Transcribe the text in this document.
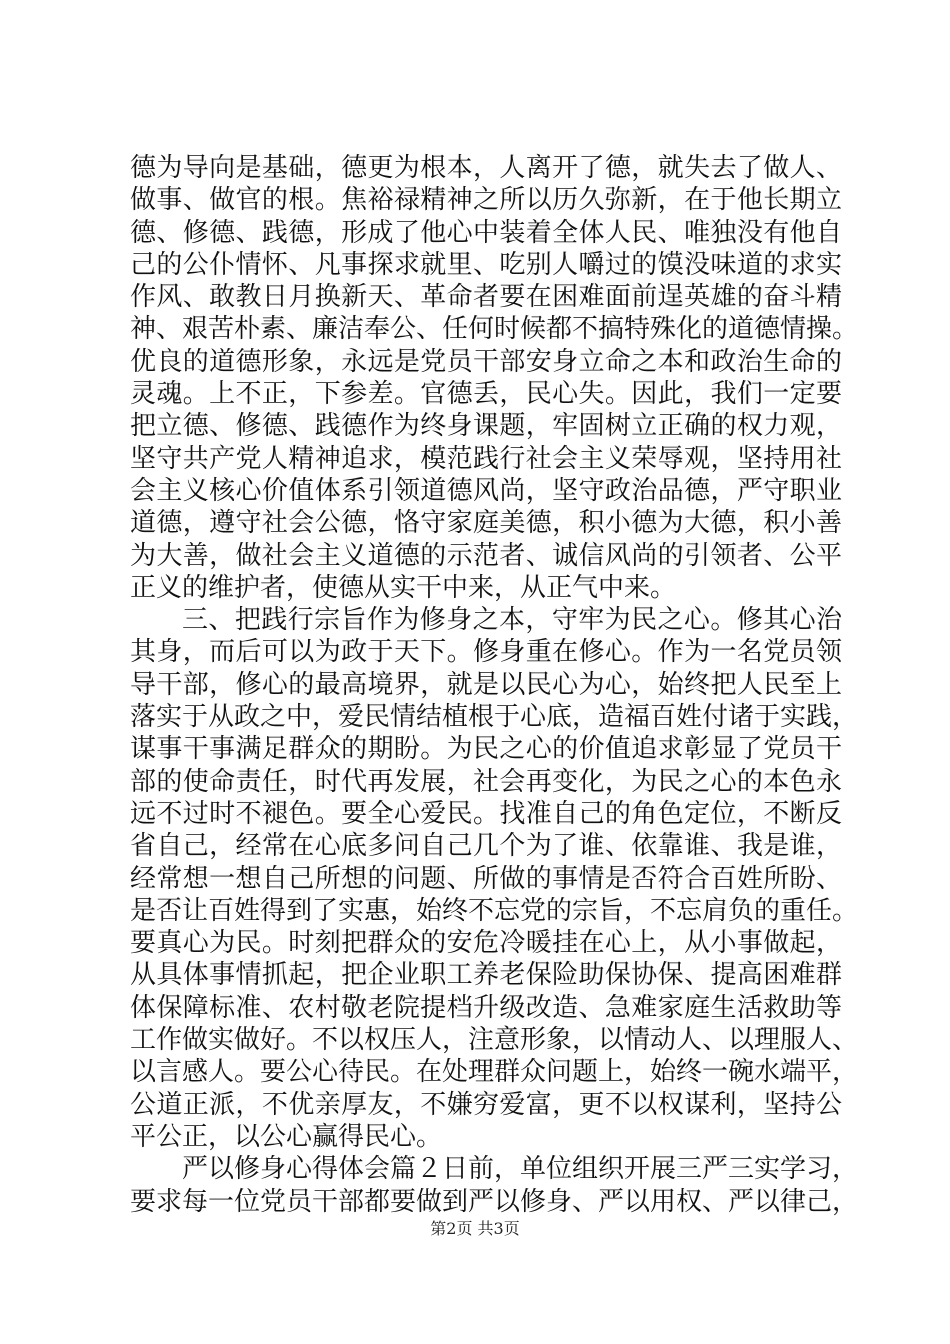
德为导向是基础，德更为根本，人离开了德，就失去了做人、
做事、做官的根。焦裕禄精神之所以历久弥新，在于他长期立
德、修德、践德，形成了他心中装着全体人民、唯独没有他自
己的公仆情怀、凡事探求就里、吃别人嚼过的馍没味道的求实
作风、敢教日月换新天、革命者要在困难面前逞英雄的奋斗精
神、艰苦朴素、廉洁奉公、任何时候都不搞特殊化的道德情操。
优良的道德形象，永远是党员干部安身立命之本和政治生命的
灵魂。上不正，下参差。官德丢，民心失。因此，我们一定要
把立德、修德、践德作为终身课题，牢固树立正确的权力观，
坚守共产党人精神追求，模范践行社会主义荣辱观，坚持用社
会主义核心价值体系引领道德风尚，坚守政治品德，严守职业
道德，遵守社会公德，恪守家庭美德，积小德为大德，积小善
为大善，做社会主义道德的示范者、诚信风尚的引领者、公平
正义的维护者，使德从实干中来，从正气中来。
三、把践行宗旨作为修身之本，守牢为民之心。修其心治
其身，而后可以为政于天下。修身重在修心。作为一名党员领
导干部，修心的最高境界，就是以民心为心，始终把人民至上
落实于从政之中，爱民情结植根于心底，造福百姓付诸于实践，
谋事干事满足群众的期盼。为民之心的价值追求彰显了党员干
部的使命责任，时代再发展，社会再变化，为民之心的本色永
远不过时不褪色。要全心爱民。找准自己的角色定位，不断反
省自己，经常在心底多问自己几个为了谁、依靠谁、我是谁，
经常想一想自己所想的问题、所做的事情是否符合百姓所盼、
是否让百姓得到了实惠，始终不忘党的宗旨，不忘肩负的重任。
要真心为民。时刻把群众的安危冷暖挂在心上，从小事做起，
从具体事情抓起，把企业职工养老保险助保协保、提高困难群
体保障标准、农村敬老院提档升级改造、急难家庭生活救助等
工作做实做好。不以权压人，注意形象，以情动人、以理服人、
以言感人。要公心待民。在处理群众问题上，始终一碗水端平，
公道正派，不优亲厚友，不嫌穷爱富，更不以权谋利，坚持公
平公正，以公心赢得民心。
严以修身心得体会篇２日前，单位组织开展三严三实学习，
要求每一位党员干部都要做到严以修身、严以用权、严以律己，
第2页 共3页
